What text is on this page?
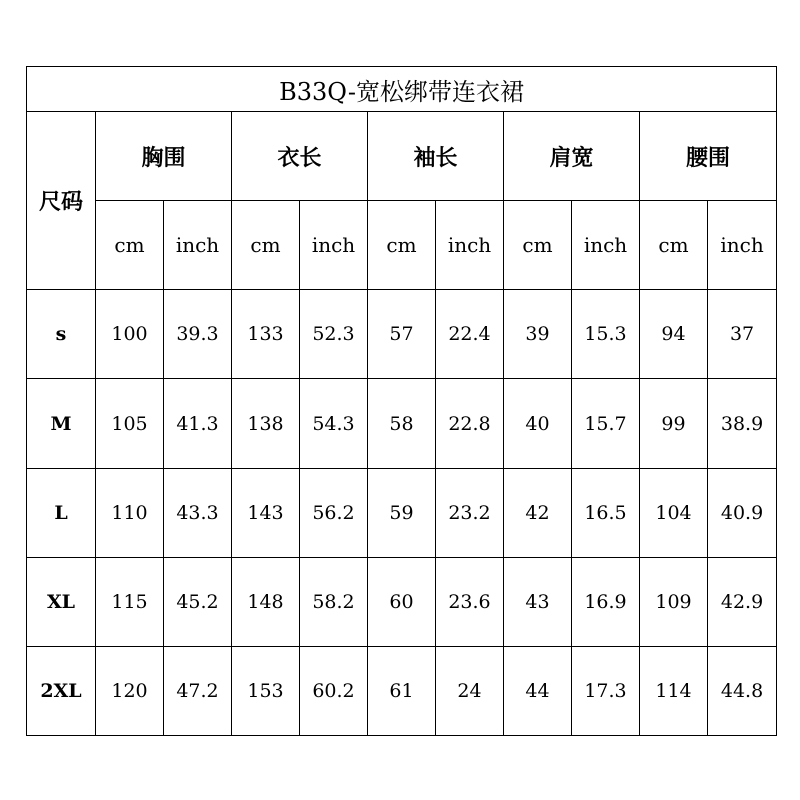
B33Q-宽松绑带连衣裙										
尺码	胸围		衣长		袖长		肩宽		腰围	
	cm	inch	cm	inch	cm	inch	cm	inch	cm	inch
s	100	39.3	133	52.3	57	22.4	39	15.3	94	37
M	105	41.3	138	54.3	58	22.8	40	15.7	99	38.9
L	110	43.3	143	56.2	59	23.2	42	16.5	104	40.9
XL	115	45.2	148	58.2	60	23.6	43	16.9	109	42.9
2XL	120	47.2	153	60.2	61	24	44	17.3	114	44.8
